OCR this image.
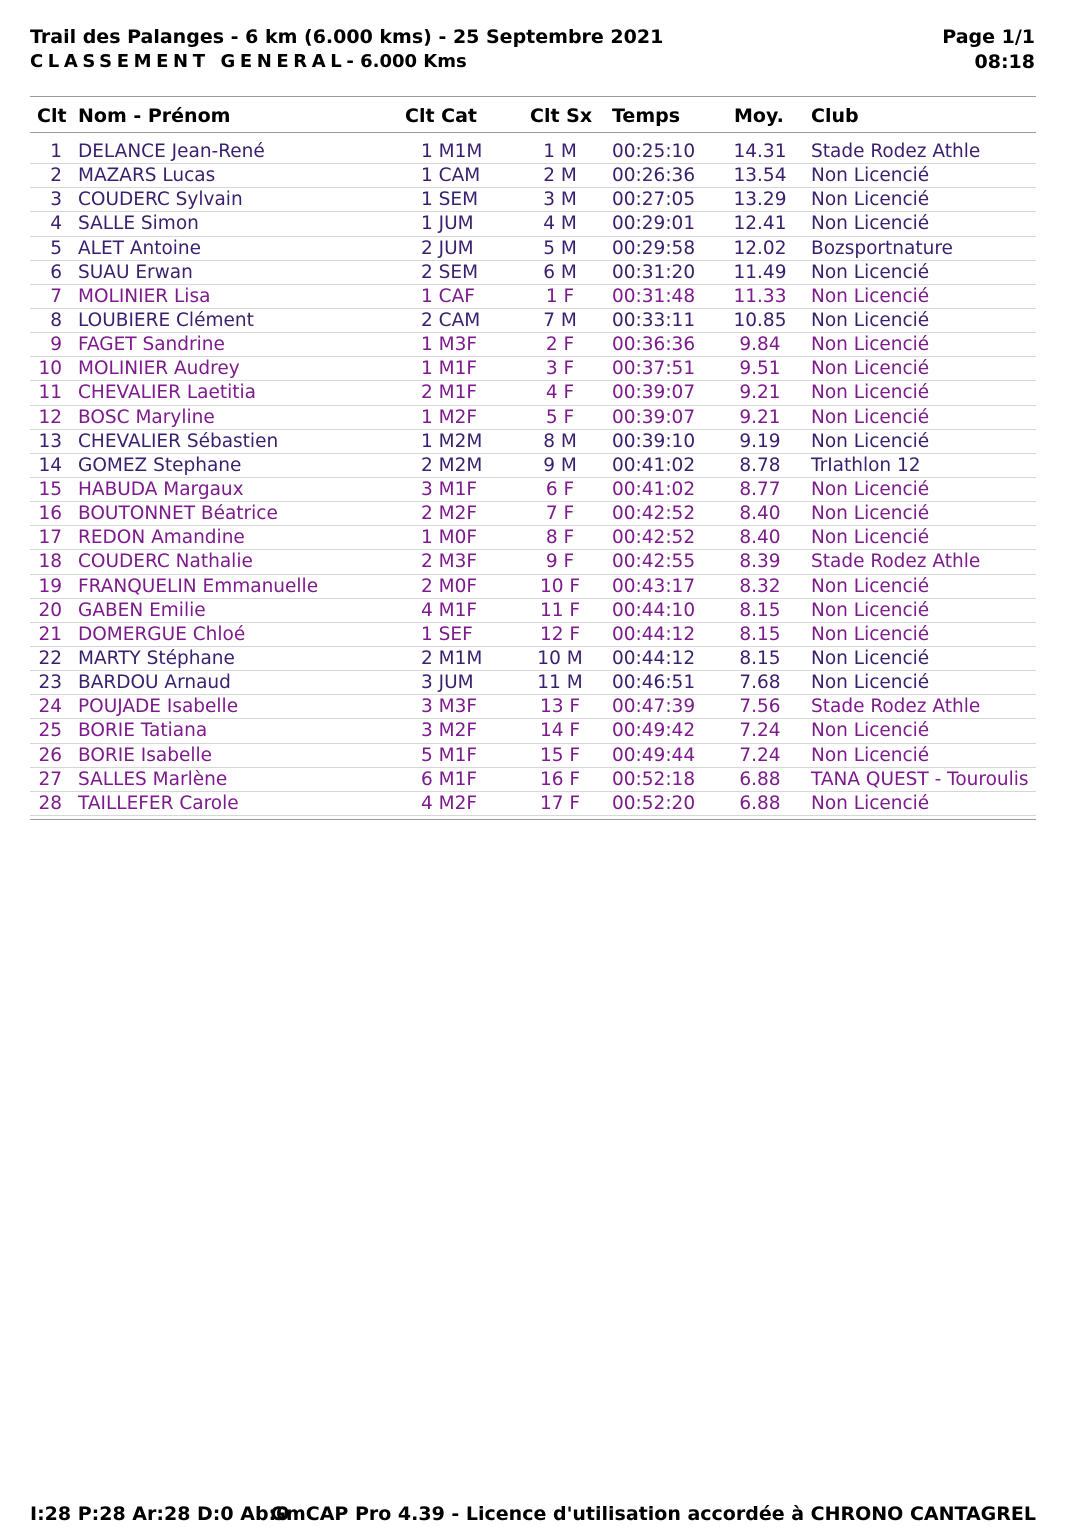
Trail des Palanges - 6 km (6.000 kms) - 25 Septembre 2021
CLASSEMENT GENERAL- 6.000 Kms
Page 1/1
08:18
Clt Nom - Prénom	Clt Cat	Clt Sx Temps	Moy. Club
1 DELANCE Jean-René	1 M1M	1 M	00:25:10 14.31 Stade Rodez Athle
2 MAZARS Lucas	1 CAM	2 M	00:26:36 13.54 Non Licencié
3 COUDERC Sylvain	1 SEM	3 M	00:27:05 13.29 Non Licencié
4 SALLE Simon	1 JUM	4 M	00:29:01 12.41 Non Licencié
5 ALET Antoine	2 JUM	5 M	00:29:58 12.02 Bozsportnature
6 SUAU Erwan	2 SEM	6 M	00:31:20 11.49 Non Licencié
7 MOLINIER Lisa	1 CAF	1 F	00:31:48 11.33 Non Licencié
8 LOUBIERE Clément	2 CAM	7 M	00:33:11 10.85 Non Licencié
9 FAGET Sandrine	1 M3F	2 F	00:36:36	9.84	Non Licencié
10 MOLINIER Audrey	1 M1F	3 F	00:37:51	9.51	Non Licencié
11 CHEVALIER Laetitia	2 M1F	4 F	00:39:07	9.21	Non Licencié
12 BOSC Maryline	1 M2F	5 F	00:39:07	9.21	Non Licencié
13 CHEVALIER Sébastien	1 M2M	8 M	00:39:10	9.19	Non Licencié
14 GOMEZ Stephane	2 M2M	9 M	00:41:02	8.78	TrIathlon 12
15 HABUDA Margaux	3 M1F	6 F	00:41:02	8.77	Non Licencié
16 BOUTONNET Béatrice	2 M2F	7 F	00:42:52	8.40	Non Licencié
17 REDON Amandine	1 M0F	8 F	00:42:52	8.40	Non Licencié
18 COUDERC Nathalie	2 M3F	9 F	00:42:55	8.39	Stade Rodez Athle
19 FRANQUELIN Emmanuelle	2 M0F	10 F	00:43:17	8.32	Non Licencié
20 GABEN Emilie	4 M1F	11 F	00:44:10	8.15	Non Licencié
21 DOMERGUE Chloé	1 SEF	12 F	00:44:12	8.15	Non Licencié
22 MARTY Stéphane	2 M1M	10 M	00:44:12	8.15	Non Licencié
23 BARDOU Arnaud	3 JUM	11 M	00:46:51	7.68	Non Licencié
24 POUJADE Isabelle	3 M3F	13 F	00:47:39	7.56	Stade Rodez Athle
25 BORIE Tatiana	3 M2F	14 F	00:49:42	7.24	Non Licencié
26 BORIE Isabelle	5 M1F	15 F	00:49:44	7.24	Non Licencié
27 SALLES Marlène	6 M1F	16 F	00:52:18	6.88	TANA QUEST - Touroulis
28 TAILLEFER Carole	4 M2F	17 F	00:52:20	6.88	Non Licencié
I:28 P:28 Ar:28 D:0 Ab:0
GmCAP Pro 4.39 - Licence d'utilisation accordée à CHRONO CANTAGREL
